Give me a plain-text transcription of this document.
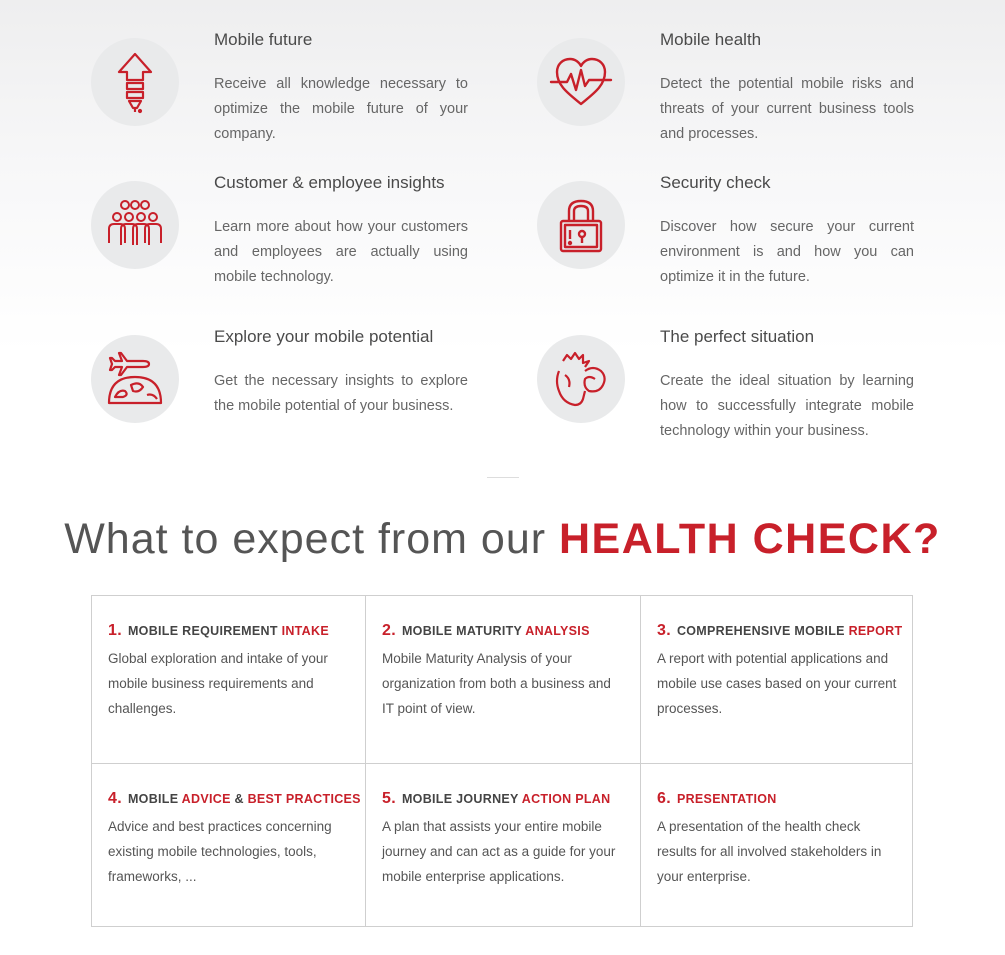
Mobile future
Receive all knowledge necessary to optimize the mobile future of your company.
Mobile health
Detect the potential mobile risks and threats of your current business tools and processes.
Customer & employee insights
Learn more about how your customers and employees are actually using mobile technology.
Security check
Discover how secure your current environment is and how you can optimize it in the future.
Explore your mobile potential
Get the necessary insights to explore the mobile potential of your business.
The perfect situation
Create the ideal situation by learning how to successfully integrate mobile technology within your business.
What to expect from our HEALTH CHECK?
1. MOBILE REQUIREMENT INTAKE
Global exploration and intake of your mobile business requirements and challenges.
2. MOBILE MATURITY ANALYSIS
Mobile Maturity Analysis of your organization from both a business and IT point of view.
3. COMPREHENSIVE MOBILE REPORT
A report with potential applications and mobile use cases based on your current processes.
4. MOBILE ADVICE & BEST PRACTICES
Advice and best practices concerning existing mobile technologies, tools, frameworks, ...
5. MOBILE JOURNEY ACTION PLAN
A plan that assists your entire mobile journey and can act as a guide for your mobile enterprise applications.
6. PRESENTATION
A presentation of the health check results for all involved stakeholders in your enterprise.
